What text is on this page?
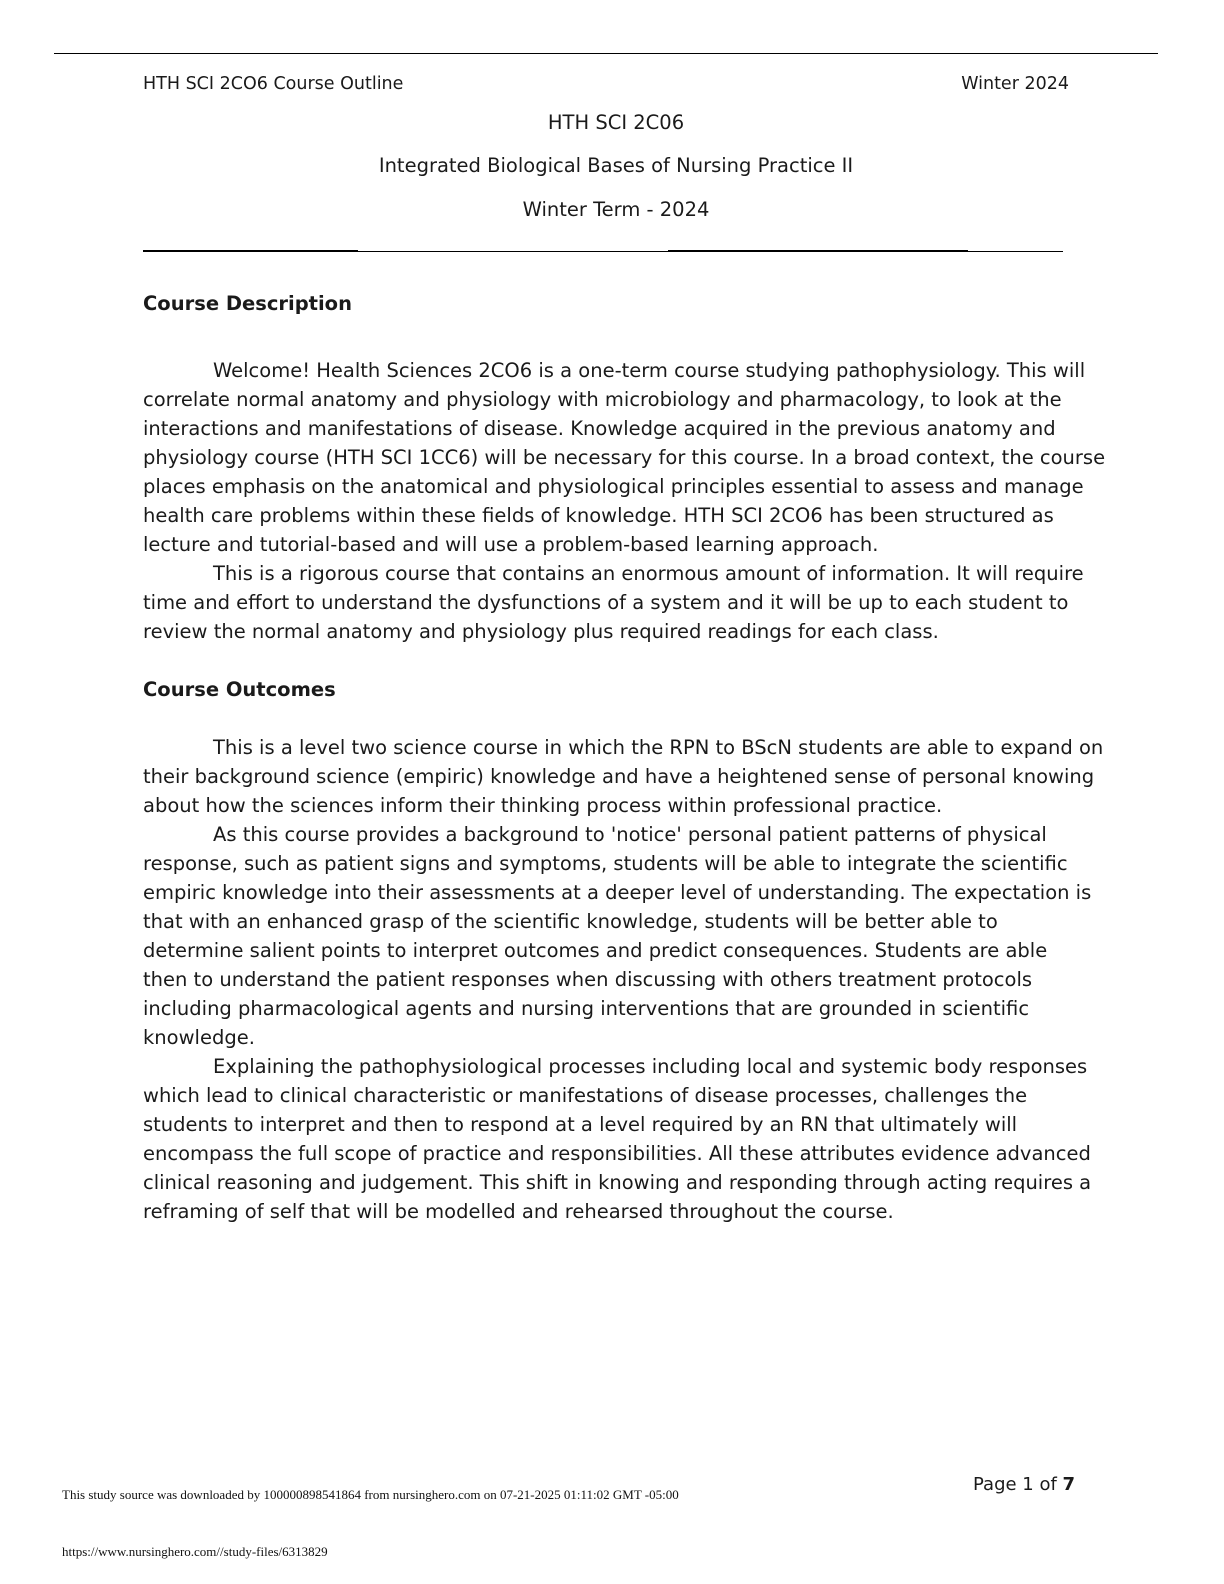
HTH SCI 2CO6 Course Outline	Winter 2024
HTH SCI 2C06
Integrated Biological Bases of Nursing Practice II
Winter Term - 2024
Course Description
Welcome! Health Sciences 2CO6 is a one-term course studying pathophysiology. This will
correlate normal anatomy and physiology with microbiology and pharmacology, to look at the
interactions and manifestations of disease. Knowledge acquired in the previous anatomy and
physiology course (HTH SCI 1CC6) will be necessary for this course. In a broad context, the course
places emphasis on the anatomical and physiological principles essential to assess and manage
health care problems within these fields of knowledge. HTH SCI 2CO6 has been structured as
lecture and tutorial-based and will use a problem-based learning approach.
This is a rigorous course that contains an enormous amount of information. It will require
time and effort to understand the dysfunctions of a system and it will be up to each student to
review the normal anatomy and physiology plus required readings for each class.
Course Outcomes
This is a level two science course in which the RPN to BScN students are able to expand on
their background science (empiric) knowledge and have a heightened sense of personal knowing
about how the sciences inform their thinking process within professional practice.
As this course provides a background to 'notice' personal patient patterns of physical
response, such as patient signs and symptoms, students will be able to integrate the scientific
empiric knowledge into their assessments at a deeper level of understanding. The expectation is
that with an enhanced grasp of the scientific knowledge, students will be better able to
determine salient points to interpret outcomes and predict consequences. Students are able
then to understand the patient responses when discussing with others treatment protocols
including pharmacological agents and nursing interventions that are grounded in scientific
knowledge.
Explaining the pathophysiological processes including local and systemic body responses
which lead to clinical characteristic or manifestations of disease processes, challenges the
students to interpret and then to respond at a level required by an RN that ultimately will
encompass the full scope of practice and responsibilities. All these attributes evidence advanced
clinical reasoning and judgement. This shift in knowing and responding through acting requires a
reframing of self that will be modelled and rehearsed throughout the course.
Page 1 of 7
This study source was downloaded by 100000898541864 from nursinghero.com on 07-21-2025 01:11:02 GMT -05:00
https://www.nursinghero.com//study-files/6313829
